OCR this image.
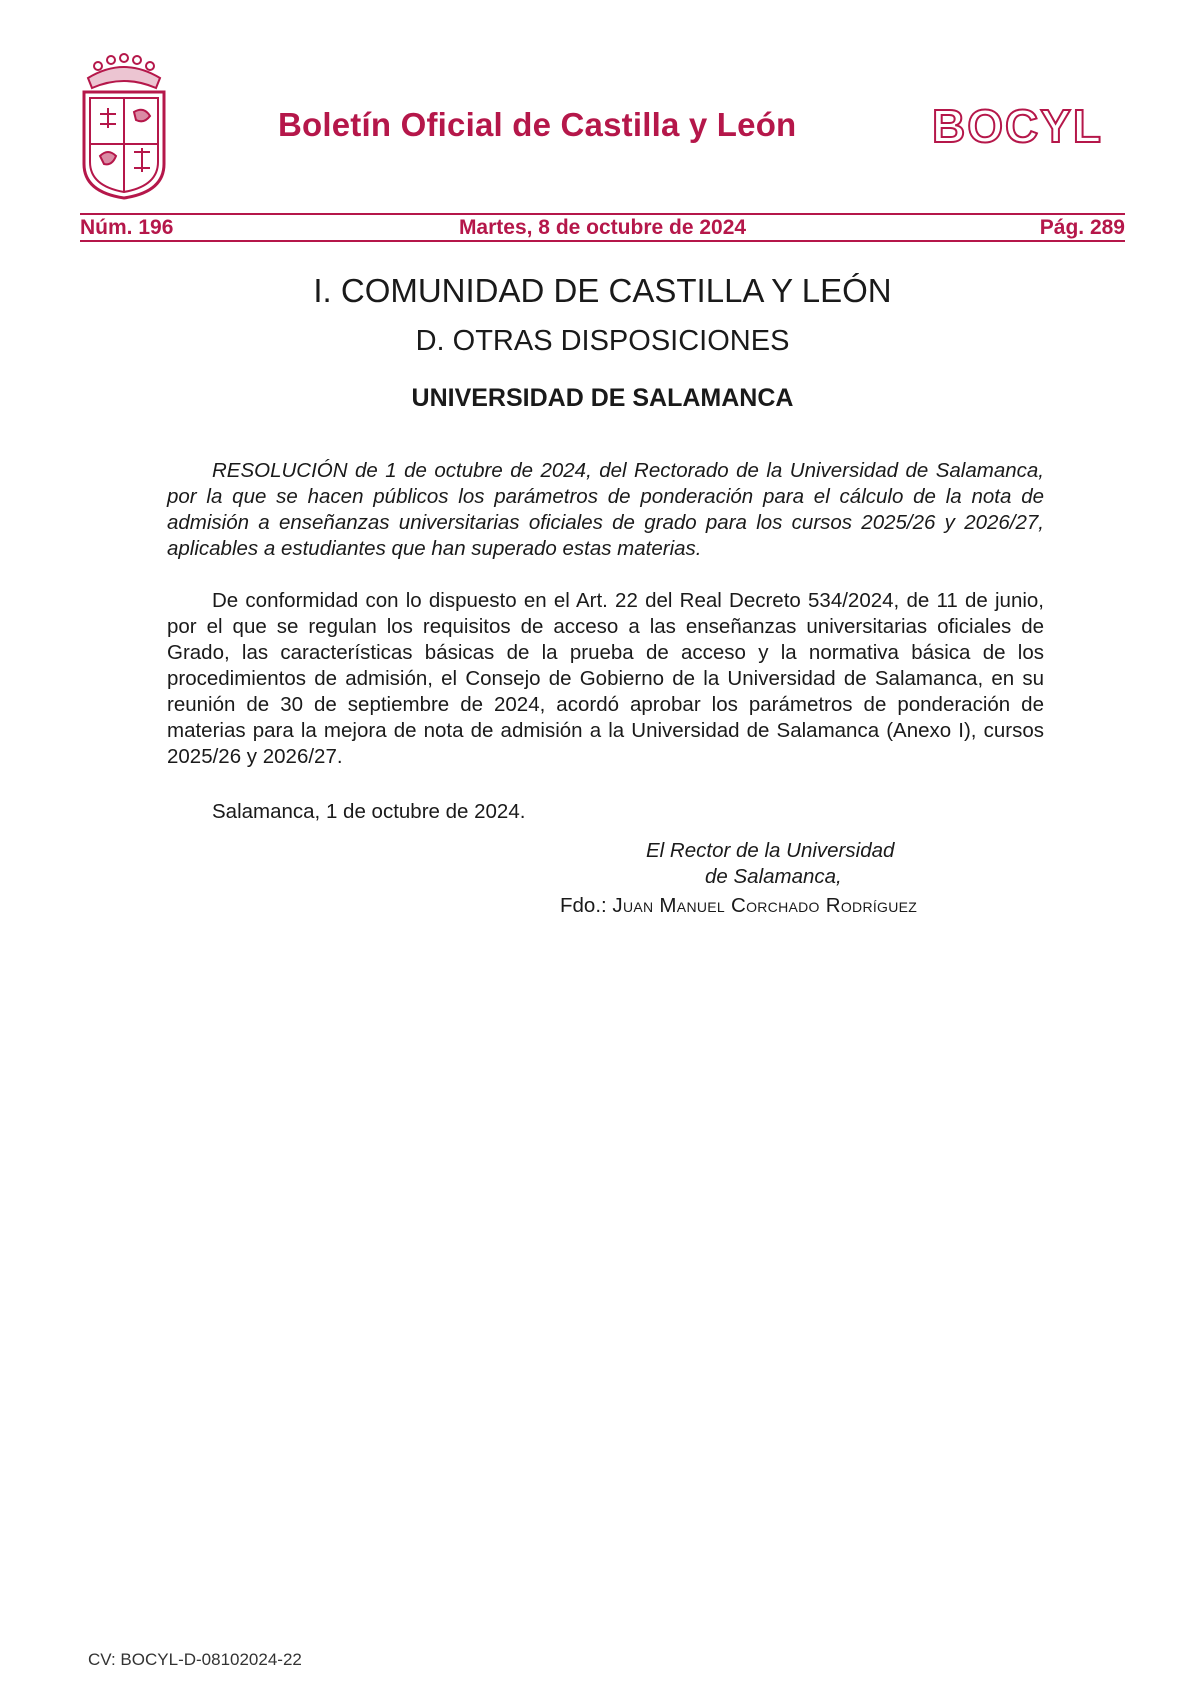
Boletín Oficial de Castilla y León	BOCYL
Núm. 196	Martes, 8 de octubre de 2024	Pág. 289
I. COMUNIDAD DE CASTILLA Y LEÓN
D. OTRAS DISPOSICIONES
UNIVERSIDAD DE SALAMANCA

RESOLUCIÓN de 1 de octubre de 2024, del Rectorado de la Universidad de Salamanca, por la que se hacen públicos los parámetros de ponderación para el cálculo de la nota de admisión a enseñanzas universitarias oficiales de grado para los cursos 2025/26 y 2026/27, aplicables a estudiantes que han superado estas materias.

De conformidad con lo dispuesto en el Art. 22 del Real Decreto 534/2024, de 11 de junio, por el que se regulan los requisitos de acceso a las enseñanzas universitarias oficiales de Grado, las características básicas de la prueba de acceso y la normativa básica de los procedimientos de admisión, el Consejo de Gobierno de la Universidad de Salamanca, en su reunión de 30 de septiembre de 2024, acordó aprobar los parámetros de ponderación de materias para la mejora de nota de admisión a la Universidad de Salamanca (Anexo I), cursos 2025/26 y 2026/27.

Salamanca, 1 de octubre de 2024.
El Rector de la Universidad
de Salamanca,
Fdo.: Juan Manuel Corchado Rodríguez
CV: BOCYL-D-08102024-22
